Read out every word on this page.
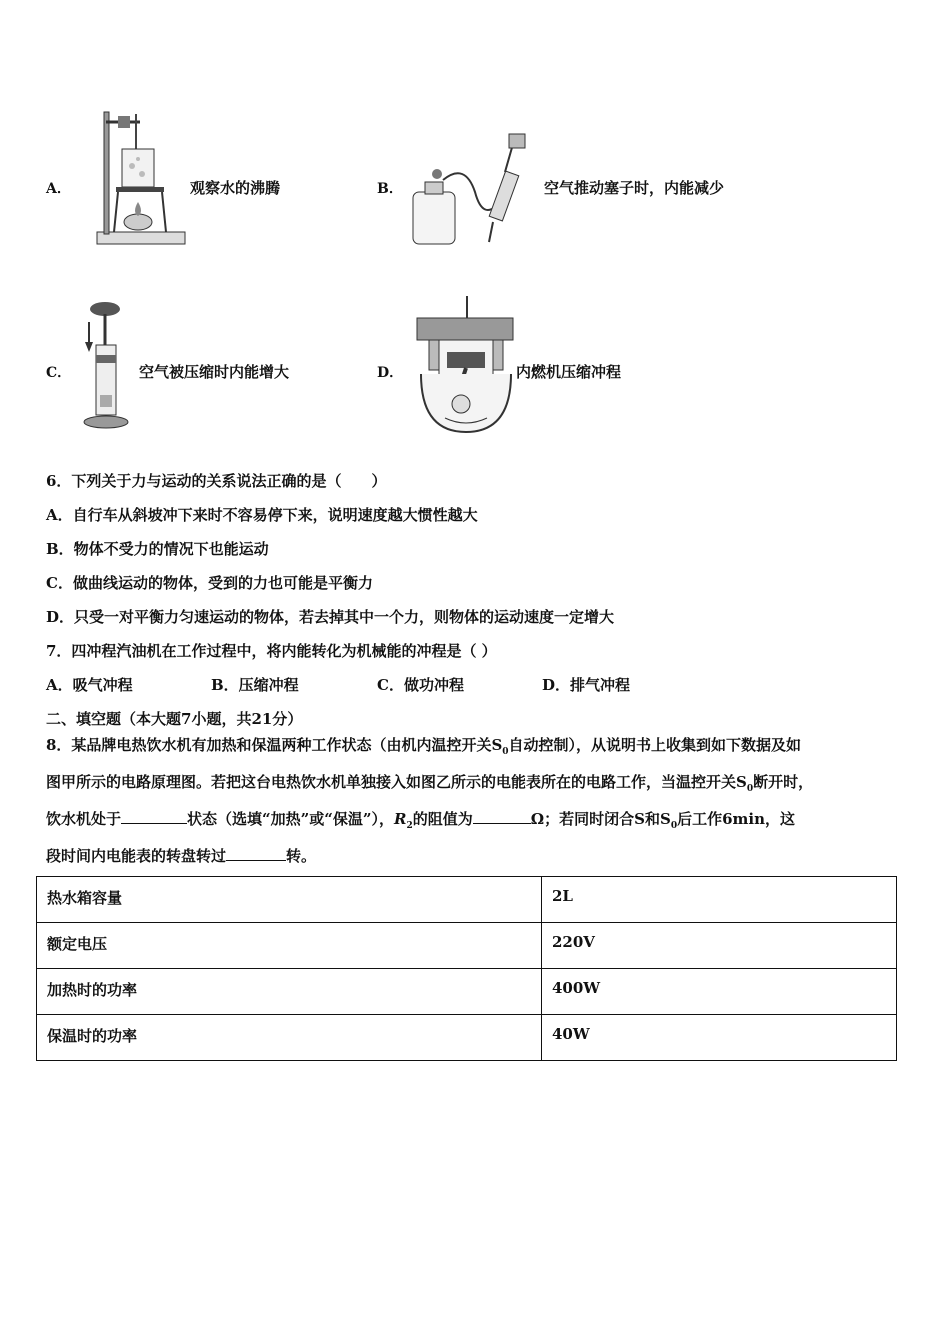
A．	观察水的沸腾	B．	空气推动塞子时，内能减少
C．	空气被压缩时内能增大	D．	内燃机压缩冲程
6．下列关于力与运动的关系说法正确的是（　　）
A．自行车从斜坡冲下来时不容易停下来，说明速度越大惯性越大
B．物体不受力的情况下也能运动
C．做曲线运动的物体，受到的力也可能是平衡力
D．只受一对平衡力匀速运动的物体，若去掉其中一个力，则物体的运动速度一定增大
7．四冲程汽油机在工作过程中，将内能转化为机械能的冲程是（ ）
A．吸气冲程	B．压缩冲程	C．做功冲程	D．排气冲程
二、填空题（本大题7小题，共21分）
8．某品牌电热饮水机有加热和保温两种工作状态（由机内温控开关$S_0$自动控制），从说明书上收集到如下数据及如
图甲所示的电路原理图。若把这台电热饮水机单独接入如图乙所示的电能表所在的电路工作，当温控开关$S_0$断开时，
饮水机处于	状态（选填“加热”或“保温”），$R_2$的阻值为	Ω；若同时闭合S和$S_0$后工作6min，这
段时间内电能表的转盘转过	转。
热水箱容量	2L
额定电压	220V
加热时的功率	400W
保温时的功率	40W
